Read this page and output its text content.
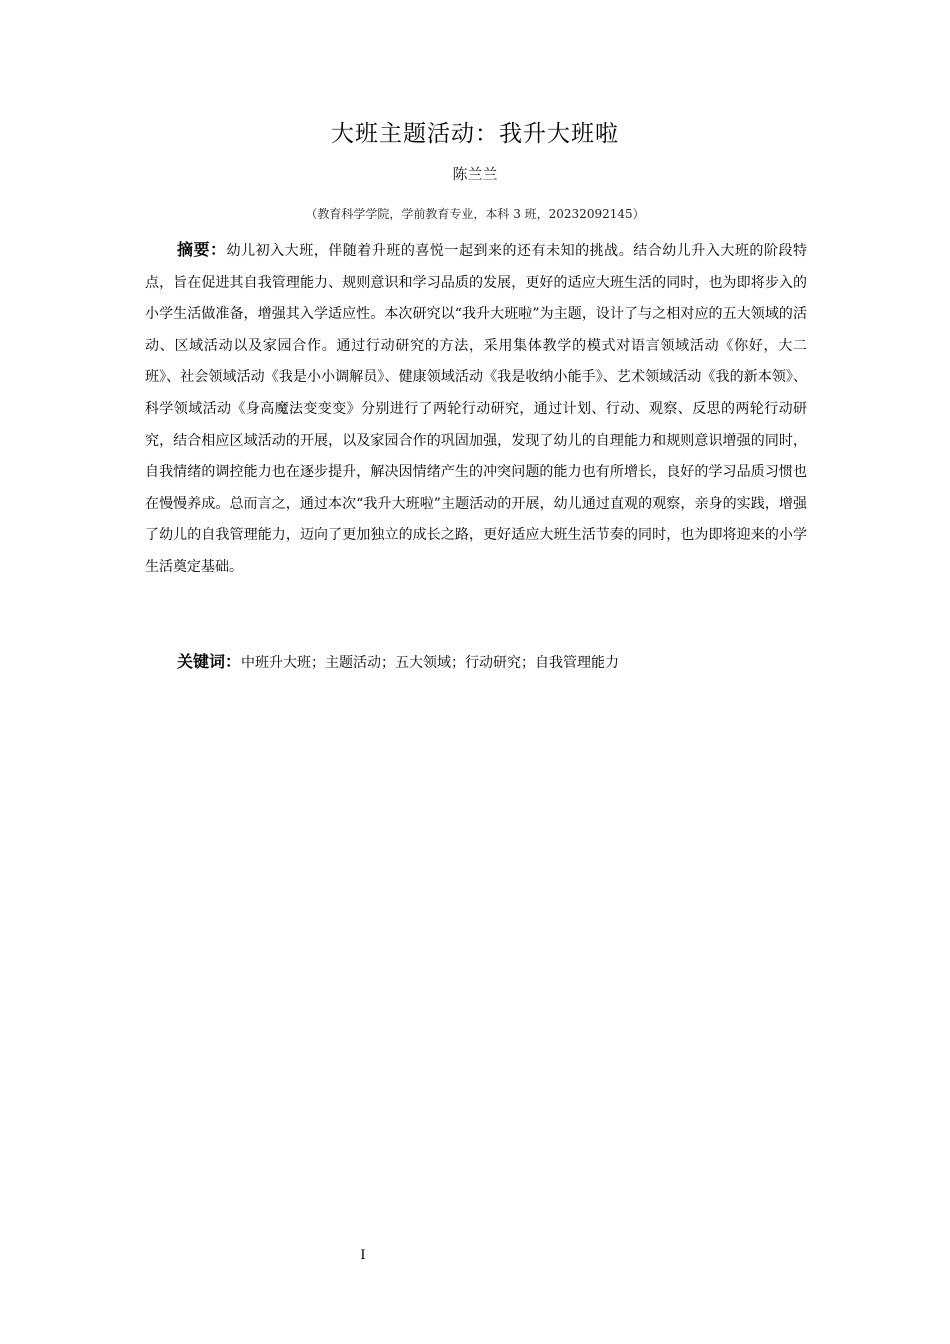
大班主题活动：我升大班啦
陈兰兰
（教育科学学院，学前教育专业，本科 3 班，20232092145）

摘要：幼儿初入大班，伴随着升班的喜悦一起到来的还有未知的挑战。结合幼儿升入大班的阶段特点，旨在促进其自我管理能力、规则意识和学习品质的发展，更好的适应大班生活的同时，也为即将步入的小学生活做准备，增强其入学适应性。本次研究以“我升大班啦”为主题，设计了与之相对应的五大领域的活动、区域活动以及家园合作。通过行动研究的方法，采用集体教学的模式对语言领域活动《你好，大二班》、社会领域活动《我是小小调解员》、健康领域活动《我是收纳小能手》、艺术领域活动《我的新本领》、科学领域活动《身高魔法变变变》分别进行了两轮行动研究，通过计划、行动、观察、反思的两轮行动研究，结合相应区域活动的开展，以及家园合作的巩固加强，发现了幼儿的自理能力和规则意识增强的同时，自我情绪的调控能力也在逐步提升，解决因情绪产生的冲突问题的能力也有所增长，良好的学习品质习惯也在慢慢养成。总而言之，通过本次“我升大班啦”主题活动的开展，幼儿通过直观的观察，亲身的实践，增强了幼儿的自我管理能力，迈向了更加独立的成长之路，更好适应大班生活节奏的同时，也为即将迎来的小学生活奠定基础。

关键词：中班升大班；主题活动；五大领域；行动研究；自我管理能力

I
